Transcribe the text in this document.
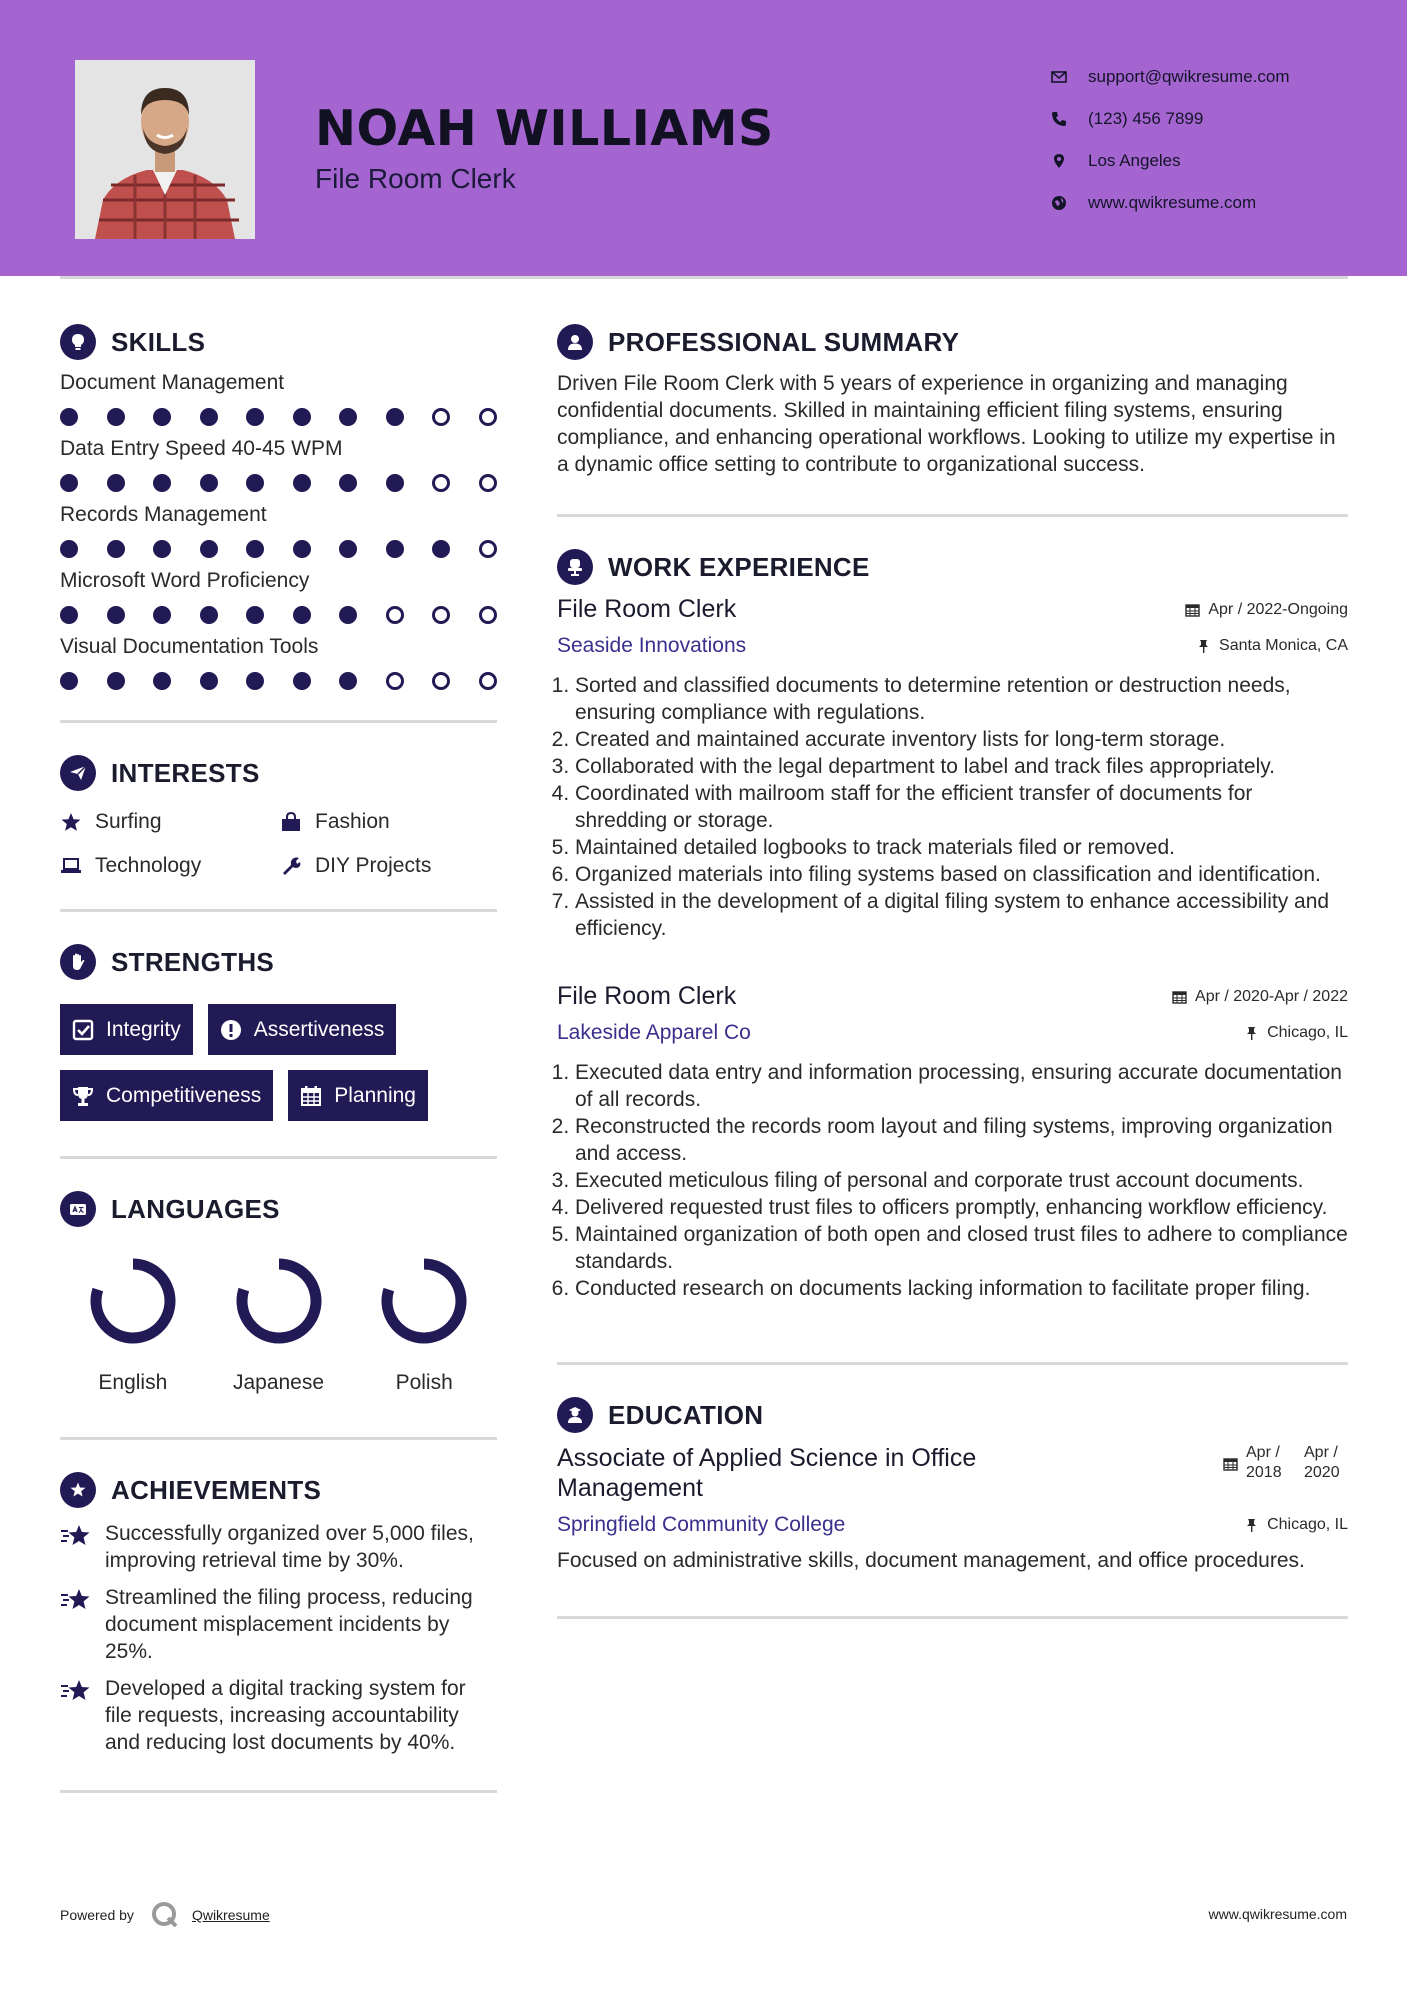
NOAH WILLIAMS
File Room Clerk
support@qwikresume.com
(123) 456 7899
Los Angeles
www.qwikresume.com
SKILLS
Document Management
Data Entry Speed 40-45 WPM
Records Management
Microsoft Word Proficiency
Visual Documentation Tools
INTERESTS
Surfing	Fashion
Technology	DIY Projects
STRENGTHS
Integrity	Assertiveness
Competitiveness	Planning
LANGUAGES
English	Japanese	Polish
ACHIEVEMENTS
Successfully organized over 5,000 files, improving retrieval time by 30%.
Streamlined the filing process, reducing document misplacement incidents by 25%.
Developed a digital tracking system for file requests, increasing accountability and reducing lost documents by 40%.
PROFESSIONAL SUMMARY

Driven File Room Clerk with 5 years of experience in organizing and managing confidential documents. Skilled in maintaining efficient filing systems, ensuring compliance, and enhancing operational workflows. Looking to utilize my expertise in a dynamic office setting to contribute to organizational success.

WORK EXPERIENCE
File Room Clerk	Apr / 2022-Ongoing
Seaside Innovations	Santa Monica, CA
1. Sorted and classified documents to determine retention or destruction needs, ensuring compliance with regulations.
2. Created and maintained accurate inventory lists for long-term storage.
3. Collaborated with the legal department to label and track files appropriately.
4. Coordinated with mailroom staff for the efficient transfer of documents for shredding or storage.
5. Maintained detailed logbooks to track materials filed or removed.
6. Organized materials into filing systems based on classification and identification.
7. Assisted in the development of a digital filing system to enhance accessibility and efficiency.
File Room Clerk	Apr / 2020-Apr / 2022
Lakeside Apparel Co	Chicago, IL
1. Executed data entry and information processing, ensuring accurate documentation of all records.
2. Reconstructed the records room layout and filing systems, improving organization and access.
3. Executed meticulous filing of personal and corporate trust account documents.
4. Delivered requested trust files to officers promptly, enhancing workflow efficiency.
5. Maintained organization of both open and closed trust files to adhere to compliance standards.
6. Conducted research on documents lacking information to facilitate proper filing.
EDUCATION
Associate of Applied Science in Office Management
Apr / 2018
Apr / 2020
Springfield Community College	Chicago, IL

Focused on administrative skills, document management, and office procedures.

Powered by	Qwikresume	www.qwikresume.com
